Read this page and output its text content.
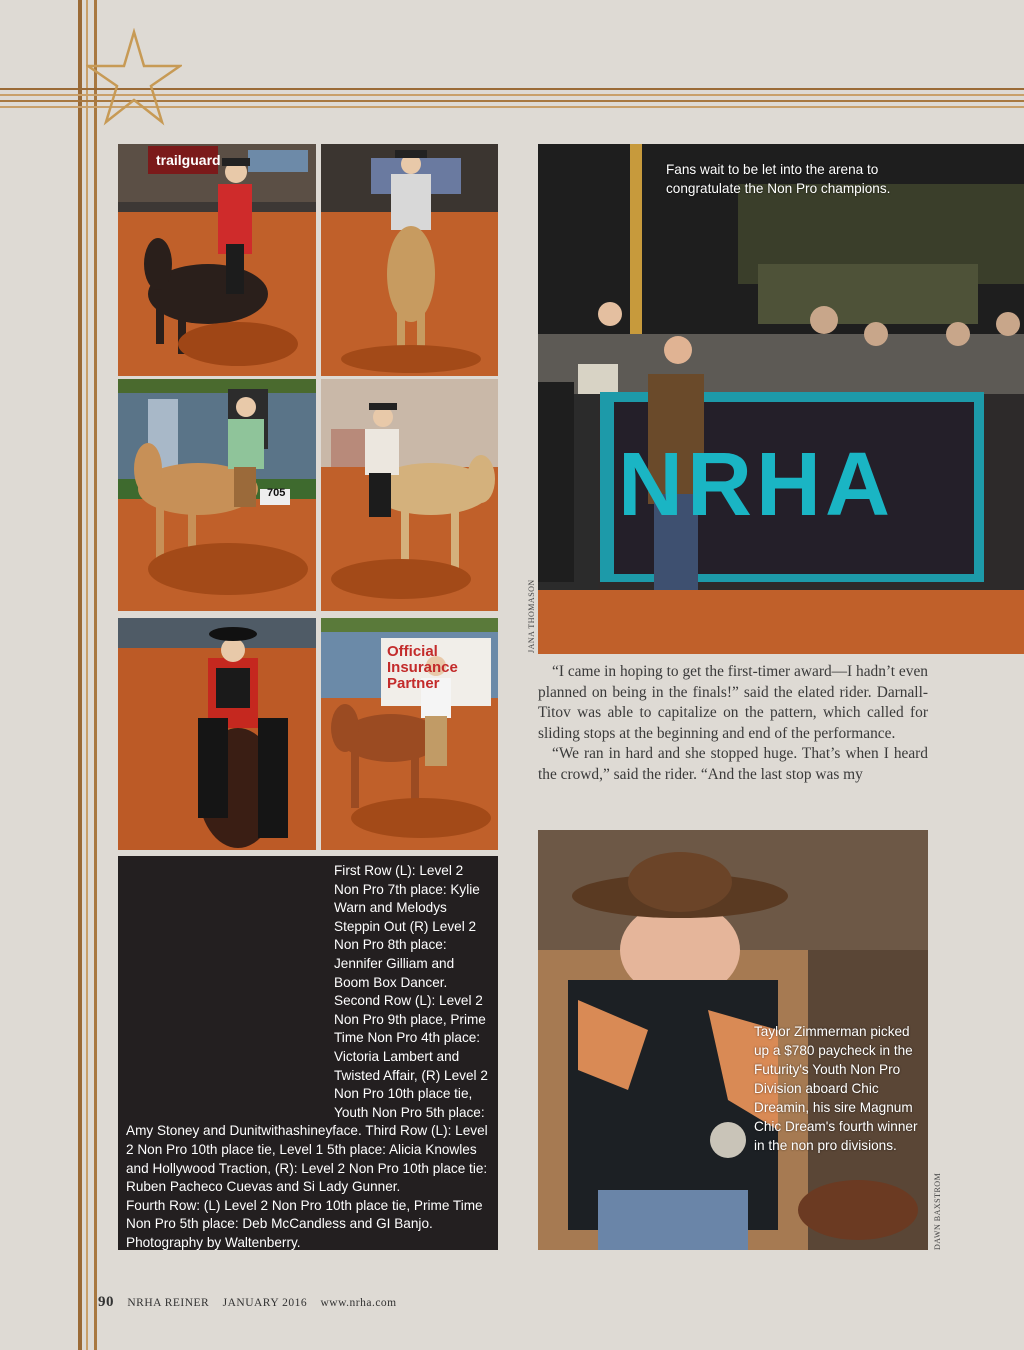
trailguard
705
Official Insurance Partner
First Row (L): Level 2 Non Pro 7th place: Kylie Warn and Melodys Steppin Out (R) Level 2 Non Pro 8th place: Jennifer Gilliam and Boom Box Dancer. Second Row (L): Level 2 Non Pro 9th place, Prime Time Non Pro 4th place: Victoria Lambert and Twisted Affair, (R) Level 2 Non Pro 10th place tie, Youth Non Pro 5th place: Amy Stoney and Dunitwithashineyface. Third Row (L): Level 2 Non Pro 10th place tie, Level 1 5th place: Alicia Knowles and Hollywood Traction, (R): Level 2 Non Pro 10th place tie: Ruben Pacheco Cuevas and Si Lady Gunner.
Fourth Row: (L) Level 2 Non Pro 10th place tie, Prime Time Non Pro 5th place: Deb McCandless and GI Banjo.
Photography by Waltenberry.
NRHA
Fans wait to be let into the arena to congratulate the Non Pro champions.
JANA THOMASON

“I came in hoping to get the first-timer award—I hadn’t even planned on being in the finals!” said the elated rider. Darnall-Titov was able to capitalize on the pattern, which called for sliding stops at the beginning and end of the performance.

“We ran in hard and she stopped huge. That’s when I heard the crowd,” said the rider. “And the last stop was my

Taylor Zimmerman picked up a $780 paycheck in the Futurity's Youth Non Pro Division aboard Chic Dreamin, his sire Magnum Chic Dream's fourth winner in the non pro divisions.
DAWN BAXSTROM
90 NRHA REINER JANUARY 2016 www.nrha.com
